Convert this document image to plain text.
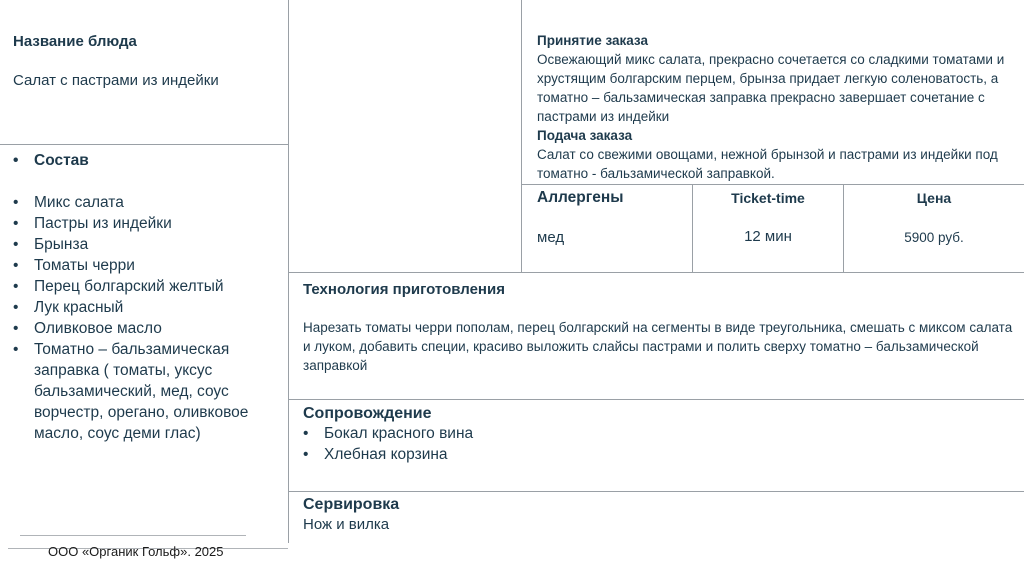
Название блюда
Салат с пастрами из индейки
• Состав
• Микс салата
• Пастры из индейки
• Брынза
• Томаты черри
• Перец болгарский желтый
• Лук красный
• Оливковое масло
• Томатно – бальзамическая заправка ( томаты, уксус бальзамический, мед, соус ворчестр, орегано, оливковое масло, соус деми глас)
Принятие заказа
Освежающий микс салата, прекрасно сочетается со сладкими томатами и хрустящим болгарским перцем, брынза придает легкую соленоватость, а томатно – бальзамическая заправка прекрасно завершает сочетание с пастрами из индейки
Подача заказа
Салат со свежими овощами, нежной брынзой и пастрами из индейки под томатно - бальзамической заправкой.
Аллергены
мед
Ticket-time
12 мин
Цена
5900 руб.
Технология приготовления
Нарезать томаты черри пополам, перец болгарский на сегменты в виде треугольника, смешать с миксом салата и луком, добавить специи, красиво выложить слайсы пастрами и полить сверху томатно – бальзамической заправкой
Сопровождение
• Бокал красного вина
• Хлебная корзина
Сервировка
Нож и вилка
ООО «Органик Гольф». 2025
